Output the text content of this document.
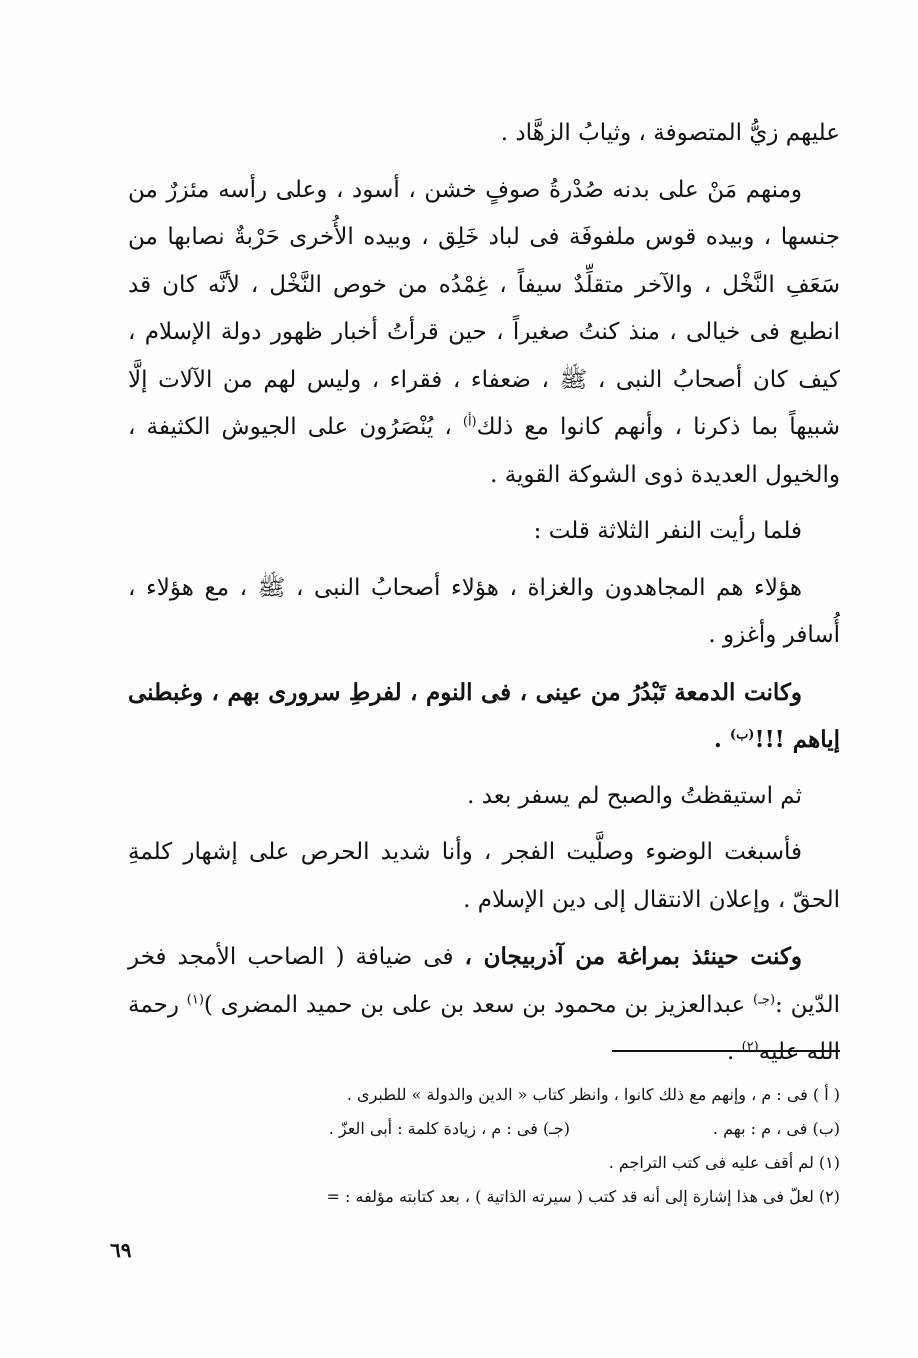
عليهم زيُّ المتصوفة ، وثيابُ الزهَّاد .

ومنهم مَنْ على بدنه صُدْرةُ صوفٍ خشن ، أسود ، وعلى رأسه مئزرٌ من جنسها ، وبيده قوس ملفوفَة فى لباد خَلِق ، وبيده الأُخرى حَرْبةٌ نصابها من سَعَفِ النَّخْل ، والآخر متقلِّدٌ سيفاً ، غِمْدُه من خوص النَّخْل ، لأنَّه كان قد انطبع فى خيالى ، منذ كنتُ صغيراً ، حين قرأتُ أخبار ظهور دولة الإسلام ، كيف كان أصحابُ النبى ، ﷺ ، ضعفاء ، فقراء ، وليس لهم من الآلات إلَّا شبيهاً بما ذكرنا ، وأنهم كانوا مع ذلك$^{(أ)}$ ، يُنْصَرُون على الجيوش الكثيفة ، والخيول العديدة ذوى الشوكة القوية .

فلما رأيت النفر الثلاثة قلت :

هؤلاء هم المجاهدون والغزاة ، هؤلاء أصحابُ النبى ، ﷺ ، مع هؤلاء ، أُسافر وأغزو .

وكانت الدمعة تَبْدُرُ من عينى ، فى النوم ، لفرطِ سرورى بهم ، وغبطنى إياهم !!!$^{(ب)}$ .

ثم استيقظتُ والصبح لم يسفر بعد .

فأسبغت الوضوء وصلَّيت الفجر ، وأنا شديد الحرص على إشهار كلمةِ الحقّ ، وإعلان الانتقال إلى دين الإسلام .

وكنت حينئذ بمراغة من آذربيجان ، فى ضيافة ( الصاحب الأمجد فخر الدّين :$^{(جـ)}$ عبدالعزيز بن محمود بن سعد بن على بن حميد المضرى )$^{(١)}$ رحمة الله عليه$^{(٢)}$ .

( أ ) فى : م ، وإنهم مع ذلك كانوا ، وانظر كتاب « الدين والدولة » للطبرى .
(ب) فى ، م : بهم .(جـ) فى : م ، زيادة كلمة : أبى العزّ .
(١) لم أقف عليه فى كتب التراجم .
(٢) لعلّ فى هذا إشارة إلى أنه قد كتب ( سيرته الذاتية ) ، بعد كتابته مؤلفه : =
٦٩
